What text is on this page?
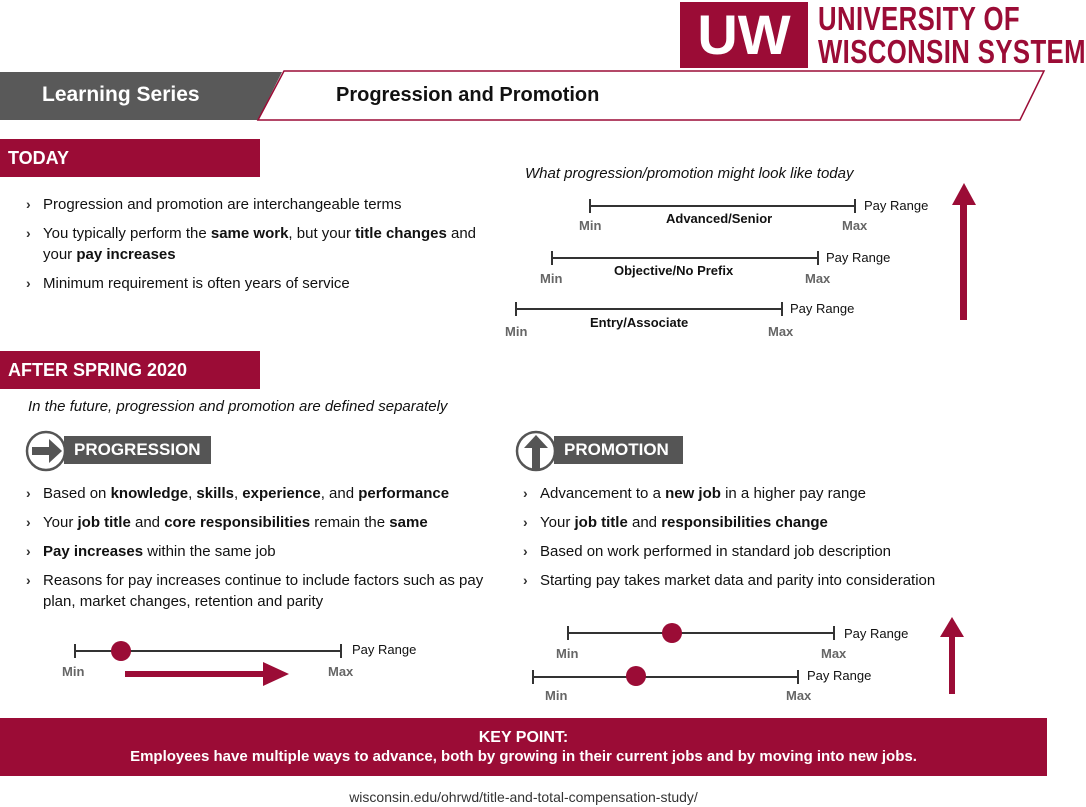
UW UNIVERSITY OF
WISCONSIN SYSTEM
Learning Series	Progression and Promotion
TODAY
› Progression and promotion are interchangeable terms
› You typically perform the same work, but your title changes and your pay increases
› Minimum requirement is often years of service
What progression/promotion might look like today
Min	Max
Pay Range
Advanced/Senior
Min	Max
Pay Range
Objective/No Prefix
Min	Max
Pay Range
Entry/Associate
AFTER SPRING 2020
In the future, progression and promotion are defined separately
PROGRESSION
› Based on knowledge, skills, experience, and performance
› Your job title and core responsibilities remain the same
› Pay increases within the same job
› Reasons for pay increases continue to include factors such as pay plan, market changes, retention and parity
Min	Max
Pay Range
PROMOTION
› Advancement to a new job in a higher pay range
› Your job title and responsibilities change
› Based on work performed in standard job description
› Starting pay takes market data and parity into consideration
Min	Max
Pay Range
Min	Max
Pay Range
KEY POINT:
Employees have multiple ways to advance, both by growing in their current jobs and by moving into new jobs.
wisconsin.edu/ohrwd/title-and-total-compensation-study/
